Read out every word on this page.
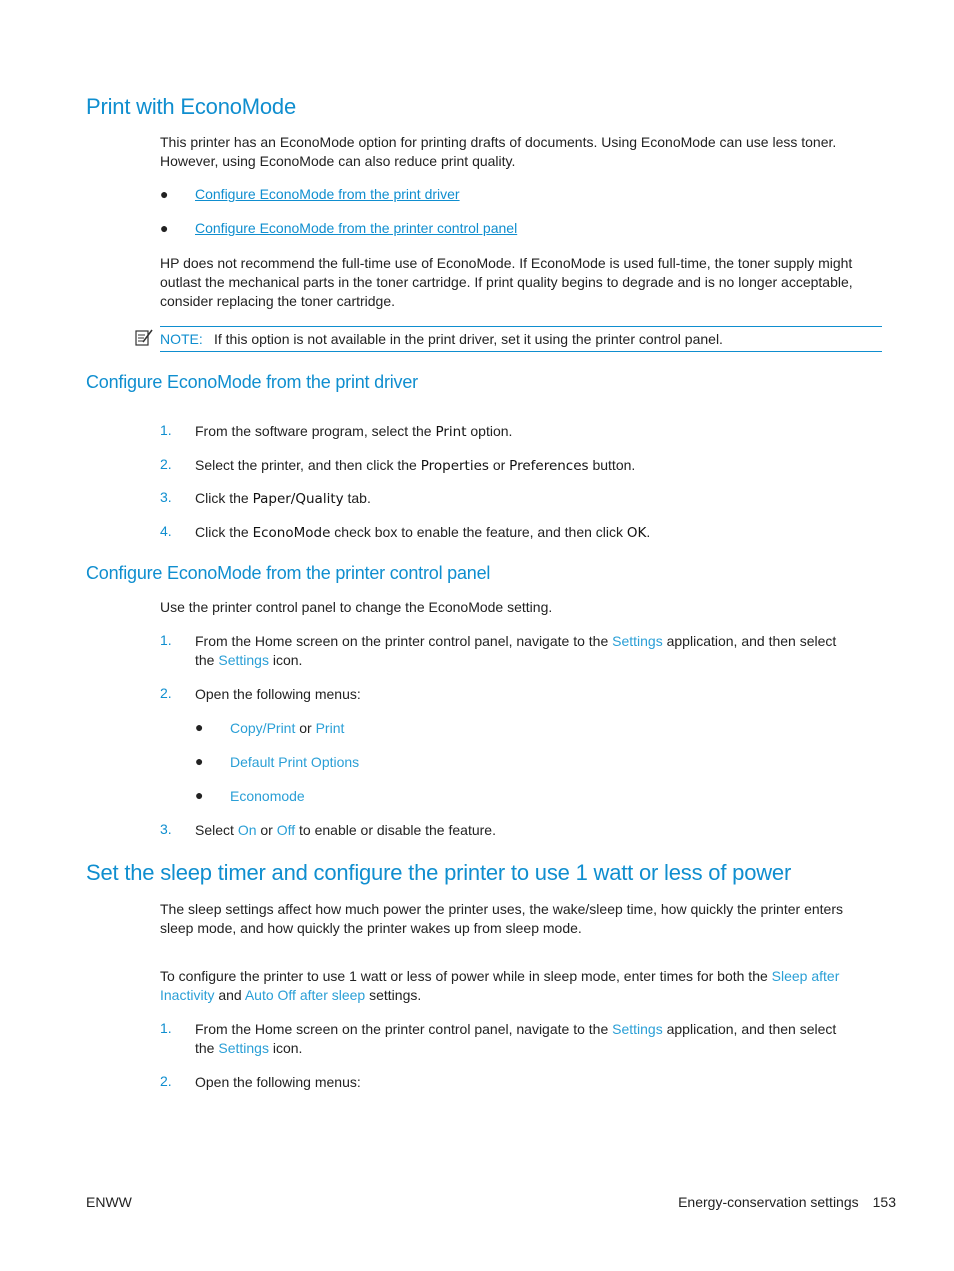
Print with EconoMode
This printer has an EconoMode option for printing drafts of documents. Using EconoMode can use less toner.
However, using EconoMode can also reduce print quality.
● Configure EconoMode from the print driver
● Configure EconoMode from the printer control panel
HP does not recommend the full-time use of EconoMode. If EconoMode is used full-time, the toner supply might
outlast the mechanical parts in the toner cartridge. If print quality begins to degrade and is no longer acceptable,
consider replacing the toner cartridge.
NOTE: If this option is not available in the print driver, set it using the printer control panel.
Configure EconoMode from the print driver
1. From the software program, select the Print option.
2. Select the printer, and then click the Properties or Preferences button.
3. Click the Paper/Quality tab.
4. Click the EconoMode check box to enable the feature, and then click OK.
Configure EconoMode from the printer control panel
Use the printer control panel to change the EconoMode setting.
1. From the Home screen on the printer control panel, navigate to the Settings application, and then select
the Settings icon.
2. Open the following menus:
● Copy/Print or Print
● Default Print Options
● Economode
3. Select On or Off to enable or disable the feature.
Set the sleep timer and configure the printer to use 1 watt or less of power
The sleep settings affect how much power the printer uses, the wake/sleep time, how quickly the printer enters
sleep mode, and how quickly the printer wakes up from sleep mode.
To configure the printer to use 1 watt or less of power while in sleep mode, enter times for both the Sleep after
Inactivity and Auto Off after sleep settings.
1. From the Home screen on the printer control panel, navigate to the Settings application, and then select
the Settings icon.
2. Open the following menus:
ENWW	Energy-conservation settings 153
